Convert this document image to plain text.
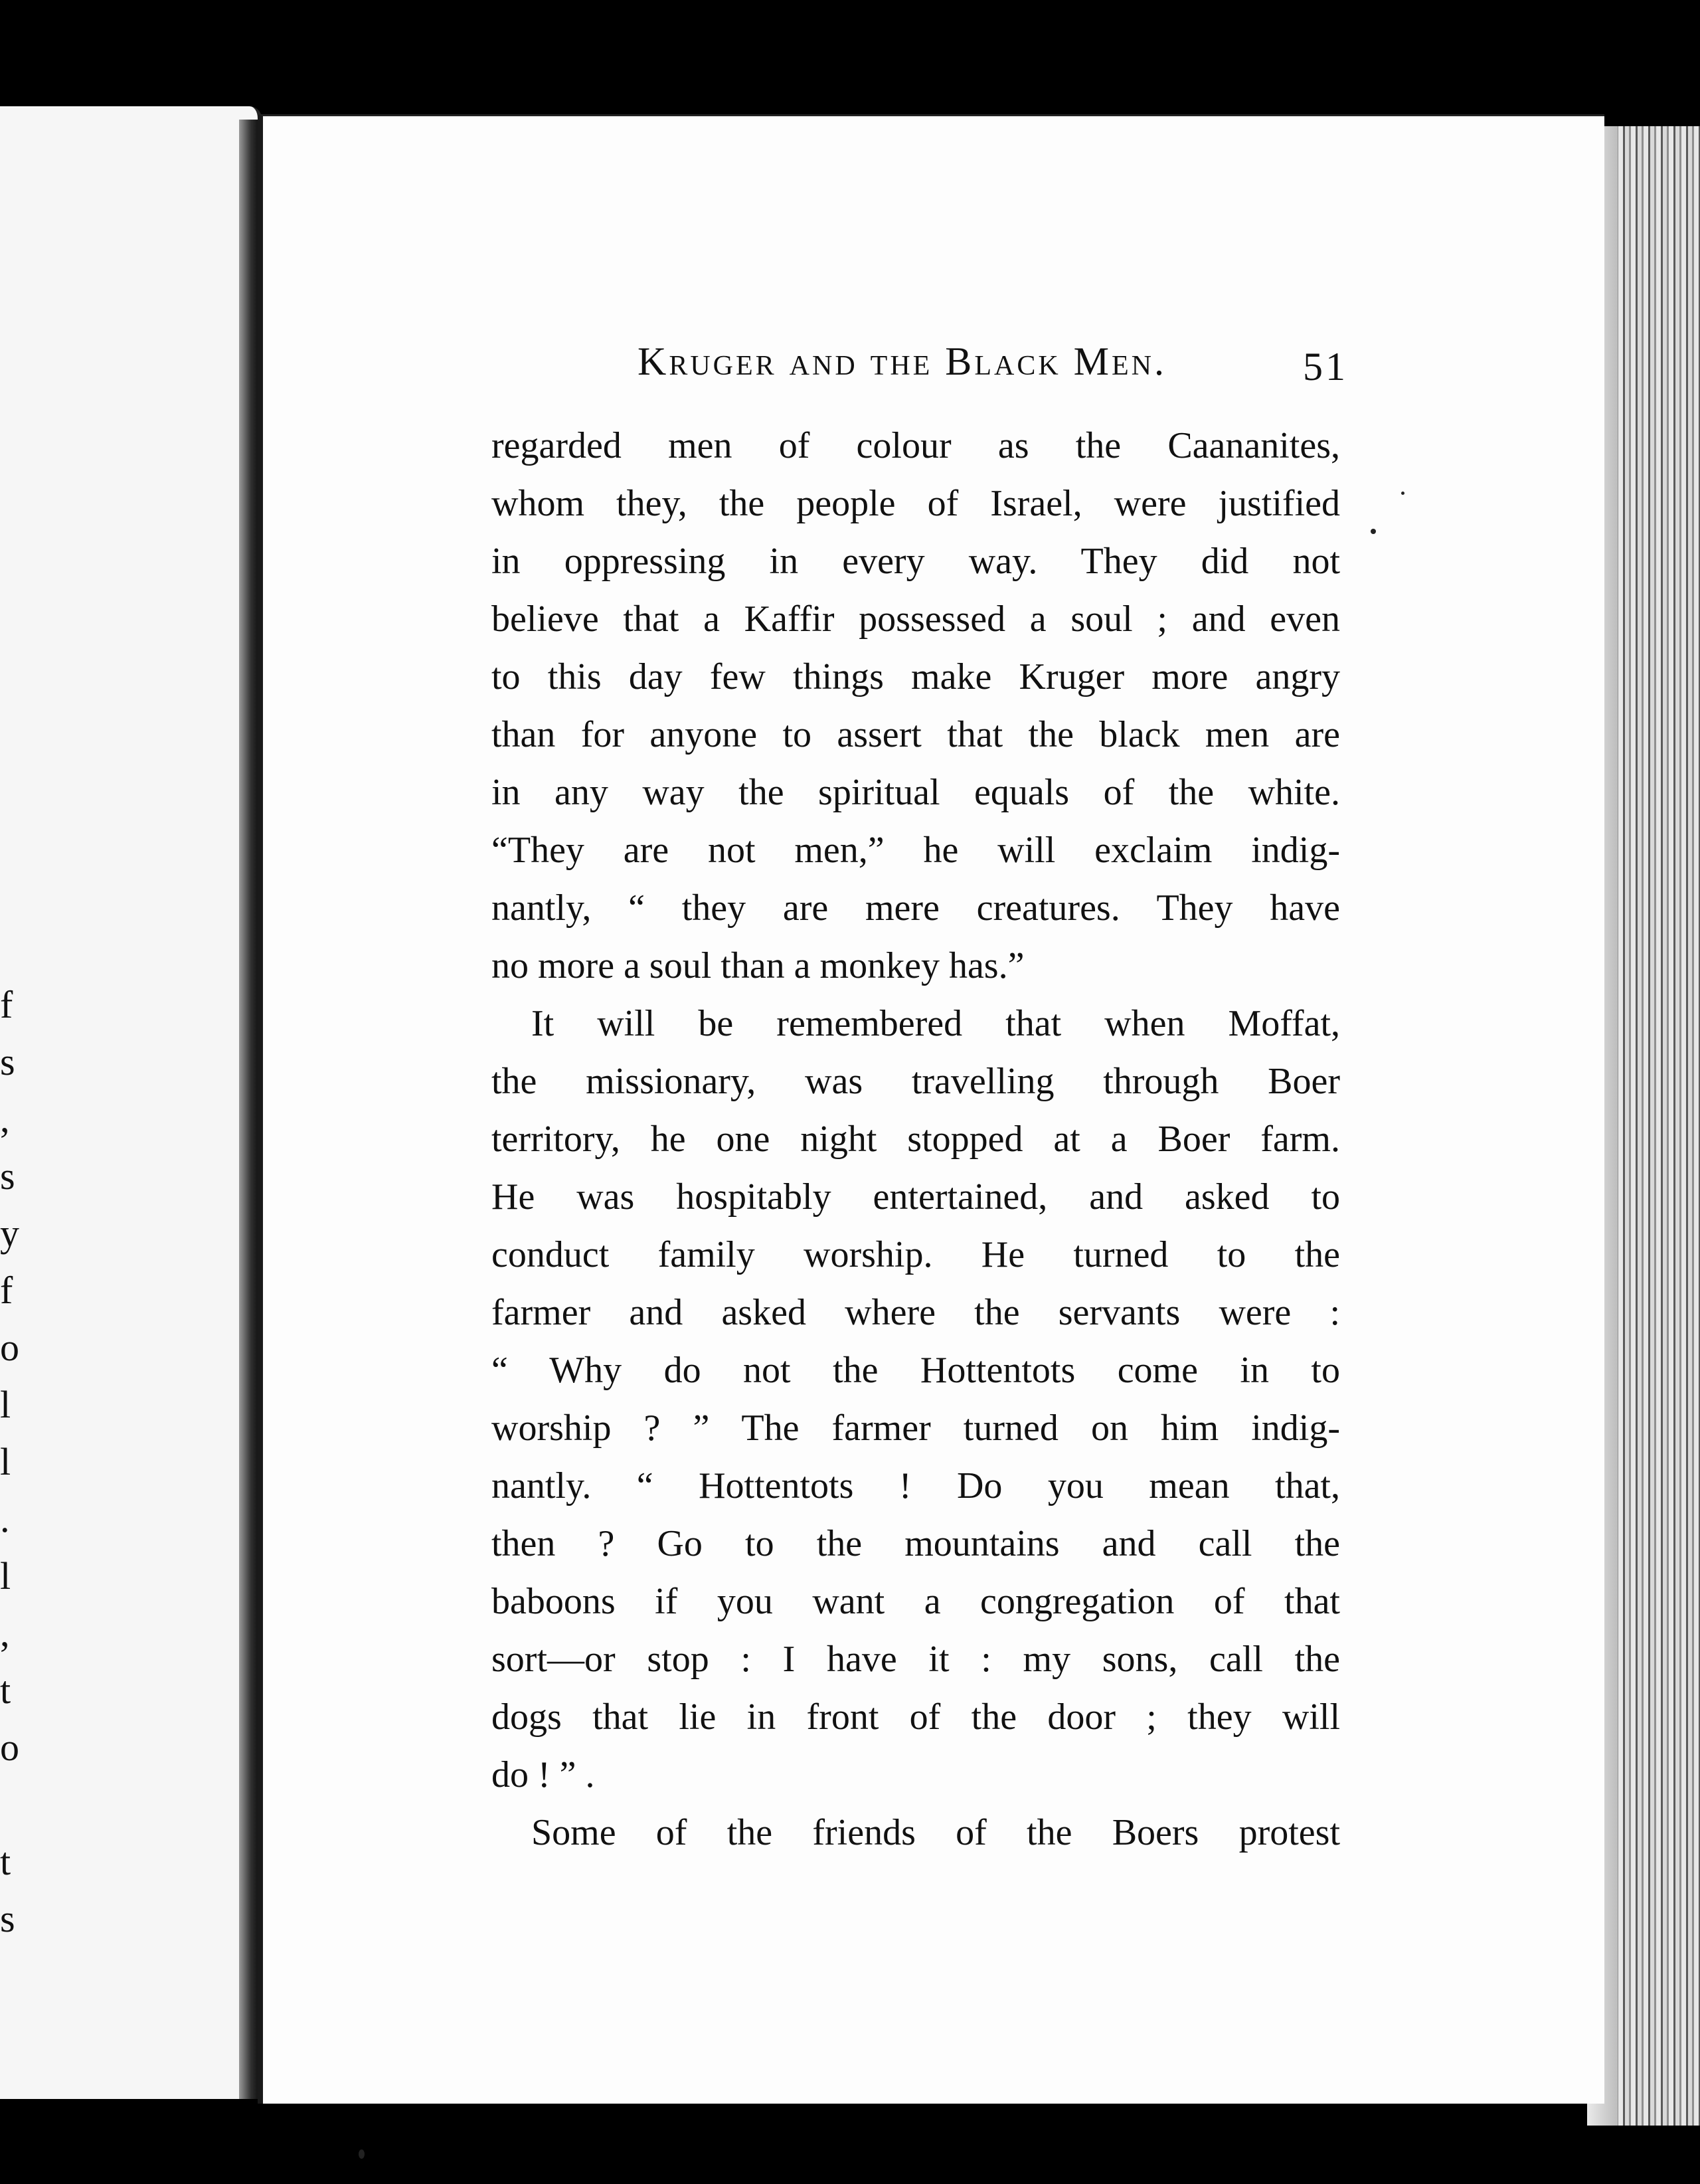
f
s
,
s
y
f
o
l
l
.
l
,
t
o
t
s
Kruger and the Black Men.	51
regarded men of colour as the Caananites,
whom they, the people of Israel, were justified
in oppressing in every way. They did not
believe that a Kaffir possessed a soul ; and even
to this day few things make Kruger more angry
than for anyone to assert that the black men are
in any way the spiritual equals of the white.
“They are not men,” he will exclaim indig-
nantly, “ they are mere creatures. They have
no more a soul than a monkey has.”
It will be remembered that when Moffat,
the missionary, was travelling through Boer
territory, he one night stopped at a Boer farm.
He was hospitably entertained, and asked to
conduct family worship. He turned to the
farmer and asked where the servants were :
“ Why do not the Hottentots come in to
worship ? ” The farmer turned on him indig-
nantly. “ Hottentots ! Do you mean that,
then ? Go to the mountains and call the
baboons if you want a congregation of that
sort—or stop : I have it : my sons, call the
dogs that lie in front of the door ; they will
do ! ” .
Some of the friends of the Boers protest
